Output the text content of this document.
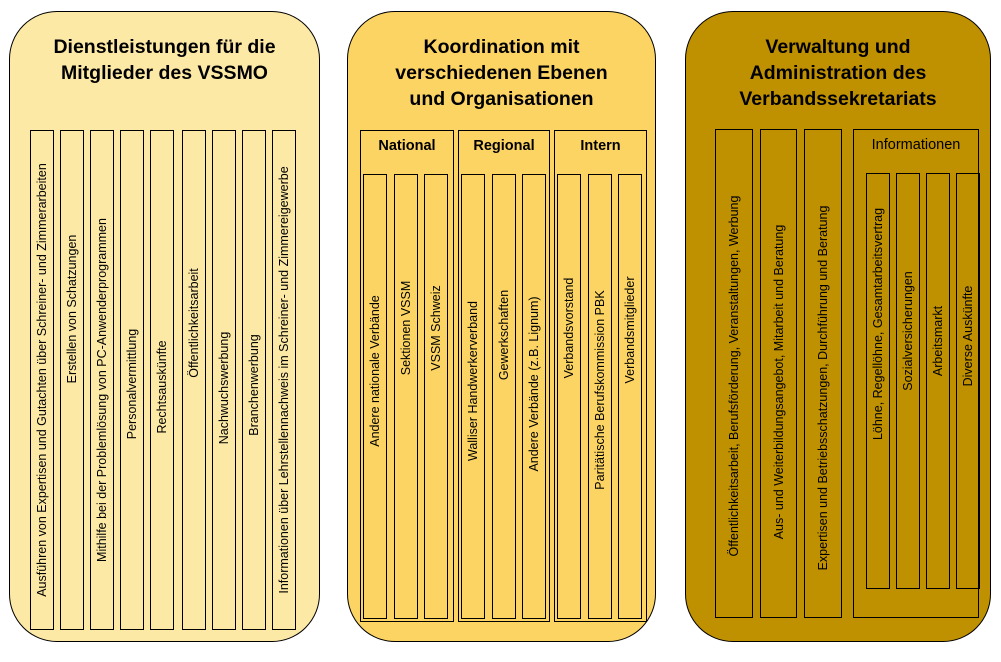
Dienstleistungen für die
Mitglieder des VSSMO
Ausführen von Expertisen und Gutachten über Schreiner- und Zimmerarbeiten Erstellen von Schatzungen Mithilfe bei der Problemlösung von PC-Anwenderprogrammen Personalvermittlung Rechtsauskünfte
Öffentlichkeitsarbeit
Nachwuchswerbung Branchenwerbung Informationen über Lehrstellennachweis im Schreiner- und Zimmereigewerbe
Koordination mit
verschiedenen Ebenen
und Organisationen
National
Andere nationale Verbände Sektionen VSSM VSSM Schweiz
Regional
Walliser Handwerkerverband Gewerkschaften Andere Verbände (z.B. Lignum)
Intern
Verbandsvorstand Paritätische Berufskommission PBK Verbandsmitglieder
Verwaltung und
Administration des
Verbandssekretariats
Öffentlichkeitsarbeit, Berufsförderung, Veranstaltungen, Werbung Aus- und Weiterbildungsangebot, Mitarbeit und Beratung Expertisen und Betriebsschatzungen, Durchführung und Beratung
Informationen
Löhne, Regellöhne, Gesamtarbeitsvertrag Sozialversicherungen Arbeitsmarkt Diverse Auskünfte
